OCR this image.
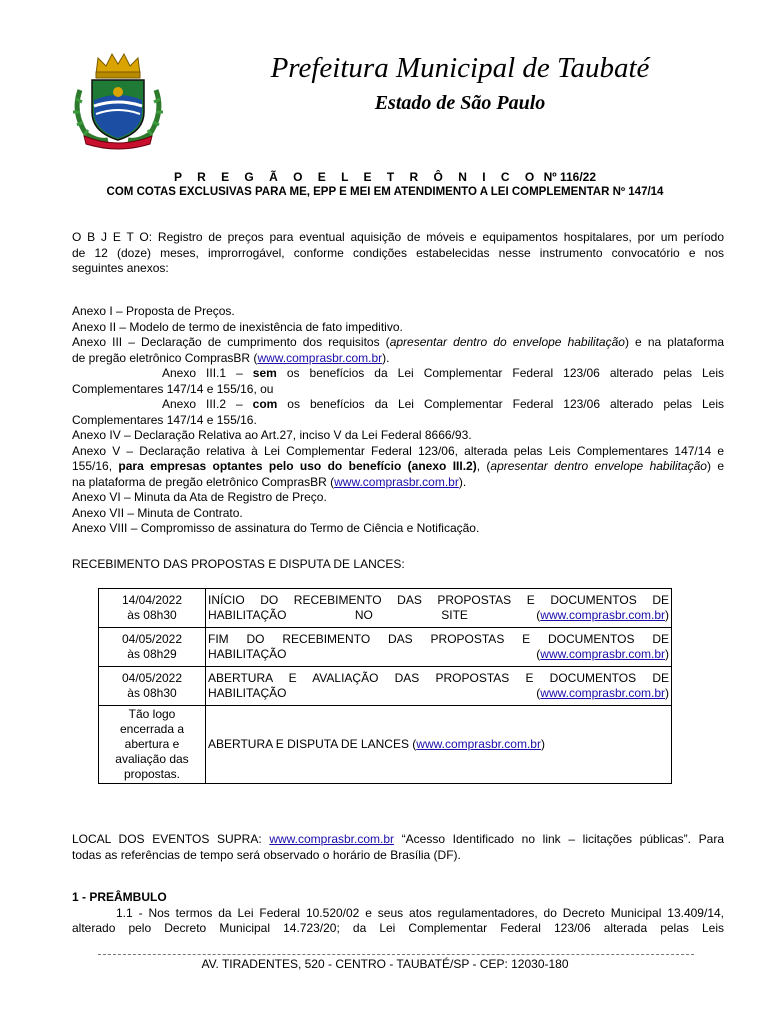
Prefeitura Municipal de Taubaté
Estado de São Paulo
P R E G Ã O E L E T R Ô N I C O Nº 116/22
COM COTAS EXCLUSIVAS PARA ME, EPP E MEI EM ATENDIMENTO A LEI COMPLEMENTAR Nº 147/14
O B J E T O: Registro de preços para eventual aquisição de móveis e equipamentos hospitalares, por um período
de 12 (doze) meses, improrrogável, conforme condições estabelecidas nesse instrumento convocatório e nos
seguintes anexos:
Anexo I – Proposta de Preços.
Anexo II – Modelo de termo de inexistência de fato impeditivo.
Anexo III – Declaração de cumprimento dos requisitos (apresentar dentro do envelope habilitação) e na plataforma
de pregão eletrônico ComprasBR (www.comprasbr.com.br).
Anexo III.1 – sem os benefícios da Lei Complementar Federal 123/06 alterado pelas Leis
Complementares 147/14 e 155/16, ou
Anexo III.2 – com os benefícios da Lei Complementar Federal 123/06 alterado pelas Leis
Complementares 147/14 e 155/16.
Anexo IV – Declaração Relativa ao Art.27, inciso V da Lei Federal 8666/93.
Anexo V – Declaração relativa à Lei Complementar Federal 123/06, alterada pelas Leis Complementares 147/14 e
155/16, para empresas optantes pelo uso do benefício (anexo III.2), (apresentar dentro envelope habilitação) e
na plataforma de pregão eletrônico ComprasBR (www.comprasbr.com.br).
Anexo VI – Minuta da Ata de Registro de Preço.
Anexo VII – Minuta de Contrato.
Anexo VIII – Compromisso de assinatura do Termo de Ciência e Notificação.
RECEBIMENTO DAS PROPOSTAS E DISPUTA DE LANCES:
14/04/2022
às 08h30	INÍCIO DO RECEBIMENTO DAS PROPOSTAS E DOCUMENTOS DE
HABILITAÇÃO NO SITE (www.comprasbr.com.br)
04/05/2022
às 08h29	FIM DO RECEBIMENTO DAS PROPOSTAS E DOCUMENTOS DE
HABILITAÇÃO (www.comprasbr.com.br)
04/05/2022
às 08h30	ABERTURA E AVALIAÇÃO DAS PROPOSTAS E DOCUMENTOS DE
HABILITAÇÃO (www.comprasbr.com.br)
Tão logo
encerrada a
abertura e
avaliação das
propostas.	ABERTURA E DISPUTA DE LANCES (www.comprasbr.com.br)
LOCAL DOS EVENTOS SUPRA: www.comprasbr.com.br “Acesso Identificado no link – licitações públicas”. Para
todas as referências de tempo será observado o horário de Brasília (DF).
1 - PREÂMBULO
1.1 - Nos termos da Lei Federal 10.520/02 e seus atos regulamentadores, do Decreto Municipal 13.409/14,
alterado pelo Decreto Municipal 14.723/20; da Lei Complementar Federal 123/06 alterada pelas Leis
AV. TIRADENTES, 520 - CENTRO - TAUBATÉ/SP - CEP: 12030-180
